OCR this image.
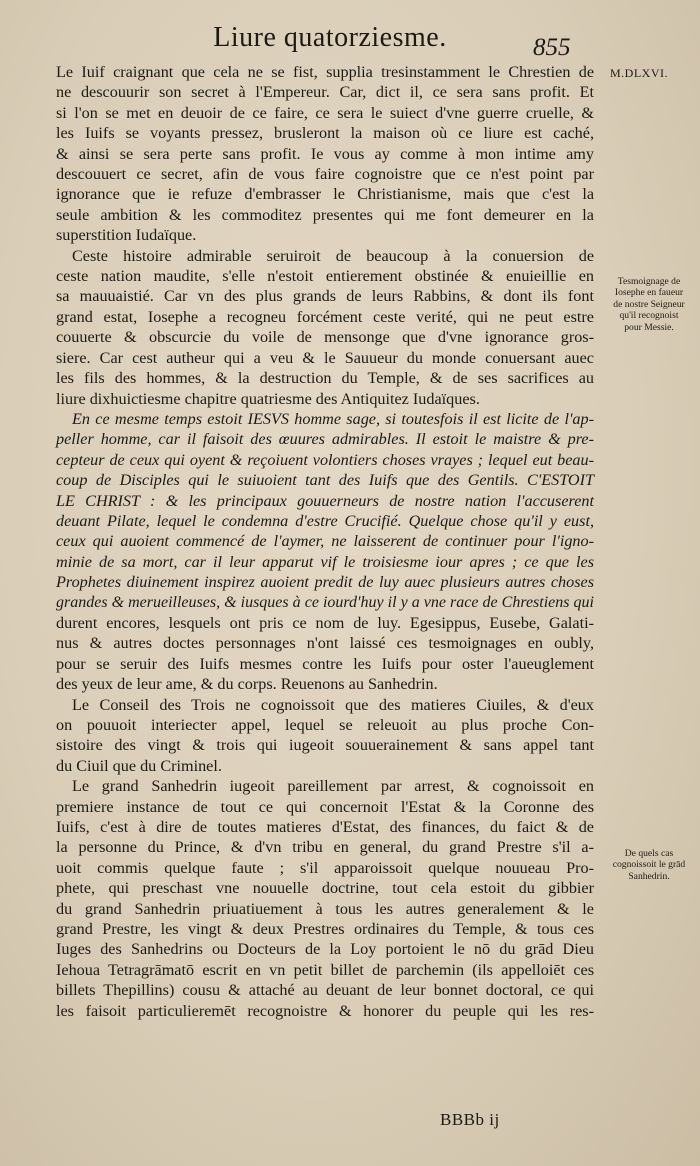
Liure quatorziesme.	855
M.DLXVI.
Le Iuif craignant que cela ne se fist, supplia tresinstamment le Chrestien de
ne descouurir son secret à l'Empereur. Car, dict il, ce sera sans profit. Et
si l'on se met en deuoir de ce faire, ce sera le suiect d'vne guerre cruelle, &
les Iuifs se voyants pressez, brusleront la maison où ce liure est caché,
& ainsi se sera perte sans profit. Ie vous ay comme à mon intime amy
descouuert ce secret, afin de vous faire cognoistre que ce n'est point par
ignorance que ie refuze d'embrasser le Christianisme, mais que c'est la
seule ambition & les commoditez presentes qui me font demeurer en la
superstition Iudaïque.
Ceste histoire admirable seruiroit de beaucoup à la conuersion de
ceste nation maudite, s'elle n'estoit entierement obstinée & enuieillie en
sa mauuaistié. Car vn des plus grands de leurs Rabbins, & dont ils font
grand estat, Iosephe a recogneu forcément ceste verité, qui ne peut estre
couuerte & obscurcie du voile de mensonge que d'vne ignorance gros-
siere. Car cest autheur qui a veu & le Sauueur du monde conuersant auec
les fils des hommes, & la destruction du Temple, & de ses sacrifices au
liure dixhuictiesme chapitre quatriesme des Antiquitez Iudaïques.
En ce mesme temps estoit IESVS homme sage, si toutesfois il est licite de l'ap-
peller homme, car il faisoit des œuures admirables. Il estoit le maistre & pre-
cepteur de ceux qui oyent & reçoiuent volontiers choses vrayes ; lequel eut beau-
coup de Disciples qui le suiuoient tant des Iuifs que des Gentils. C'ESTOIT
LE CHRIST : & les principaux gouuerneurs de nostre nation l'accuserent
deuant Pilate, lequel le condemna d'estre Crucifié. Quelque chose qu'il y eust,
ceux qui auoient commencé de l'aymer, ne laisserent de continuer pour l'igno-
minie de sa mort, car il leur apparut vif le troisiesme iour apres ; ce que les
Prophetes diuinement inspirez auoient predit de luy auec plusieurs autres choses
grandes & merueilleuses, & iusques à ce iourd'huy il y a vne race de Chrestiens qui
durent encores, lesquels ont pris ce nom de luy. Egesippus, Eusebe, Galati-
nus & autres doctes personnages n'ont laissé ces tesmoignages en oubly,
pour se seruir des Iuifs mesmes contre les Iuifs pour oster l'aueuglement
des yeux de leur ame, & du corps. Reuenons au Sanhedrin.
Le Conseil des Trois ne cognoissoit que des matieres Ciuiles, & d'eux
on pouuoit interiecter appel, lequel se releuoit au plus proche Con-
sistoire des vingt & trois qui iugeoit souuerainement & sans appel tant
du Ciuil que du Criminel.
Le grand Sanhedrin iugeoit pareillement par arrest, & cognoissoit en
premiere instance de tout ce qui concernoit l'Estat & la Coronne des
Iuifs, c'est à dire de toutes matieres d'Estat, des finances, du faict & de
la personne du Prince, & d'vn tribu en general, du grand Prestre s'il a-
uoit commis quelque faute ; s'il apparoissoit quelque nouueau Pro-
phete, qui preschast vne nouuelle doctrine, tout cela estoit du gibbier
du grand Sanhedrin priuatiuement à tous les autres generalement & le
grand Prestre, les vingt & deux Prestres ordinaires du Temple, & tous ces
Iuges des Sanhedrins ou Docteurs de la Loy portoient le nō du grād Dieu
Iehoua Tetragrāmatō escrit en vn petit billet de parchemin (ils appelloiēt ces
billets Thepillins) cousu & attaché au deuant de leur bonnet doctoral, ce qui
les faisoit particulieremēt recognoistre & honorer du peuple qui les res-
Tesmoignage de
Iosephe en faueur
de nostre Seigneur
qu'il recognoist
pour Messie.
De quels cas
cognoissoit le grād
Sanhedrin.
BBBb ij
